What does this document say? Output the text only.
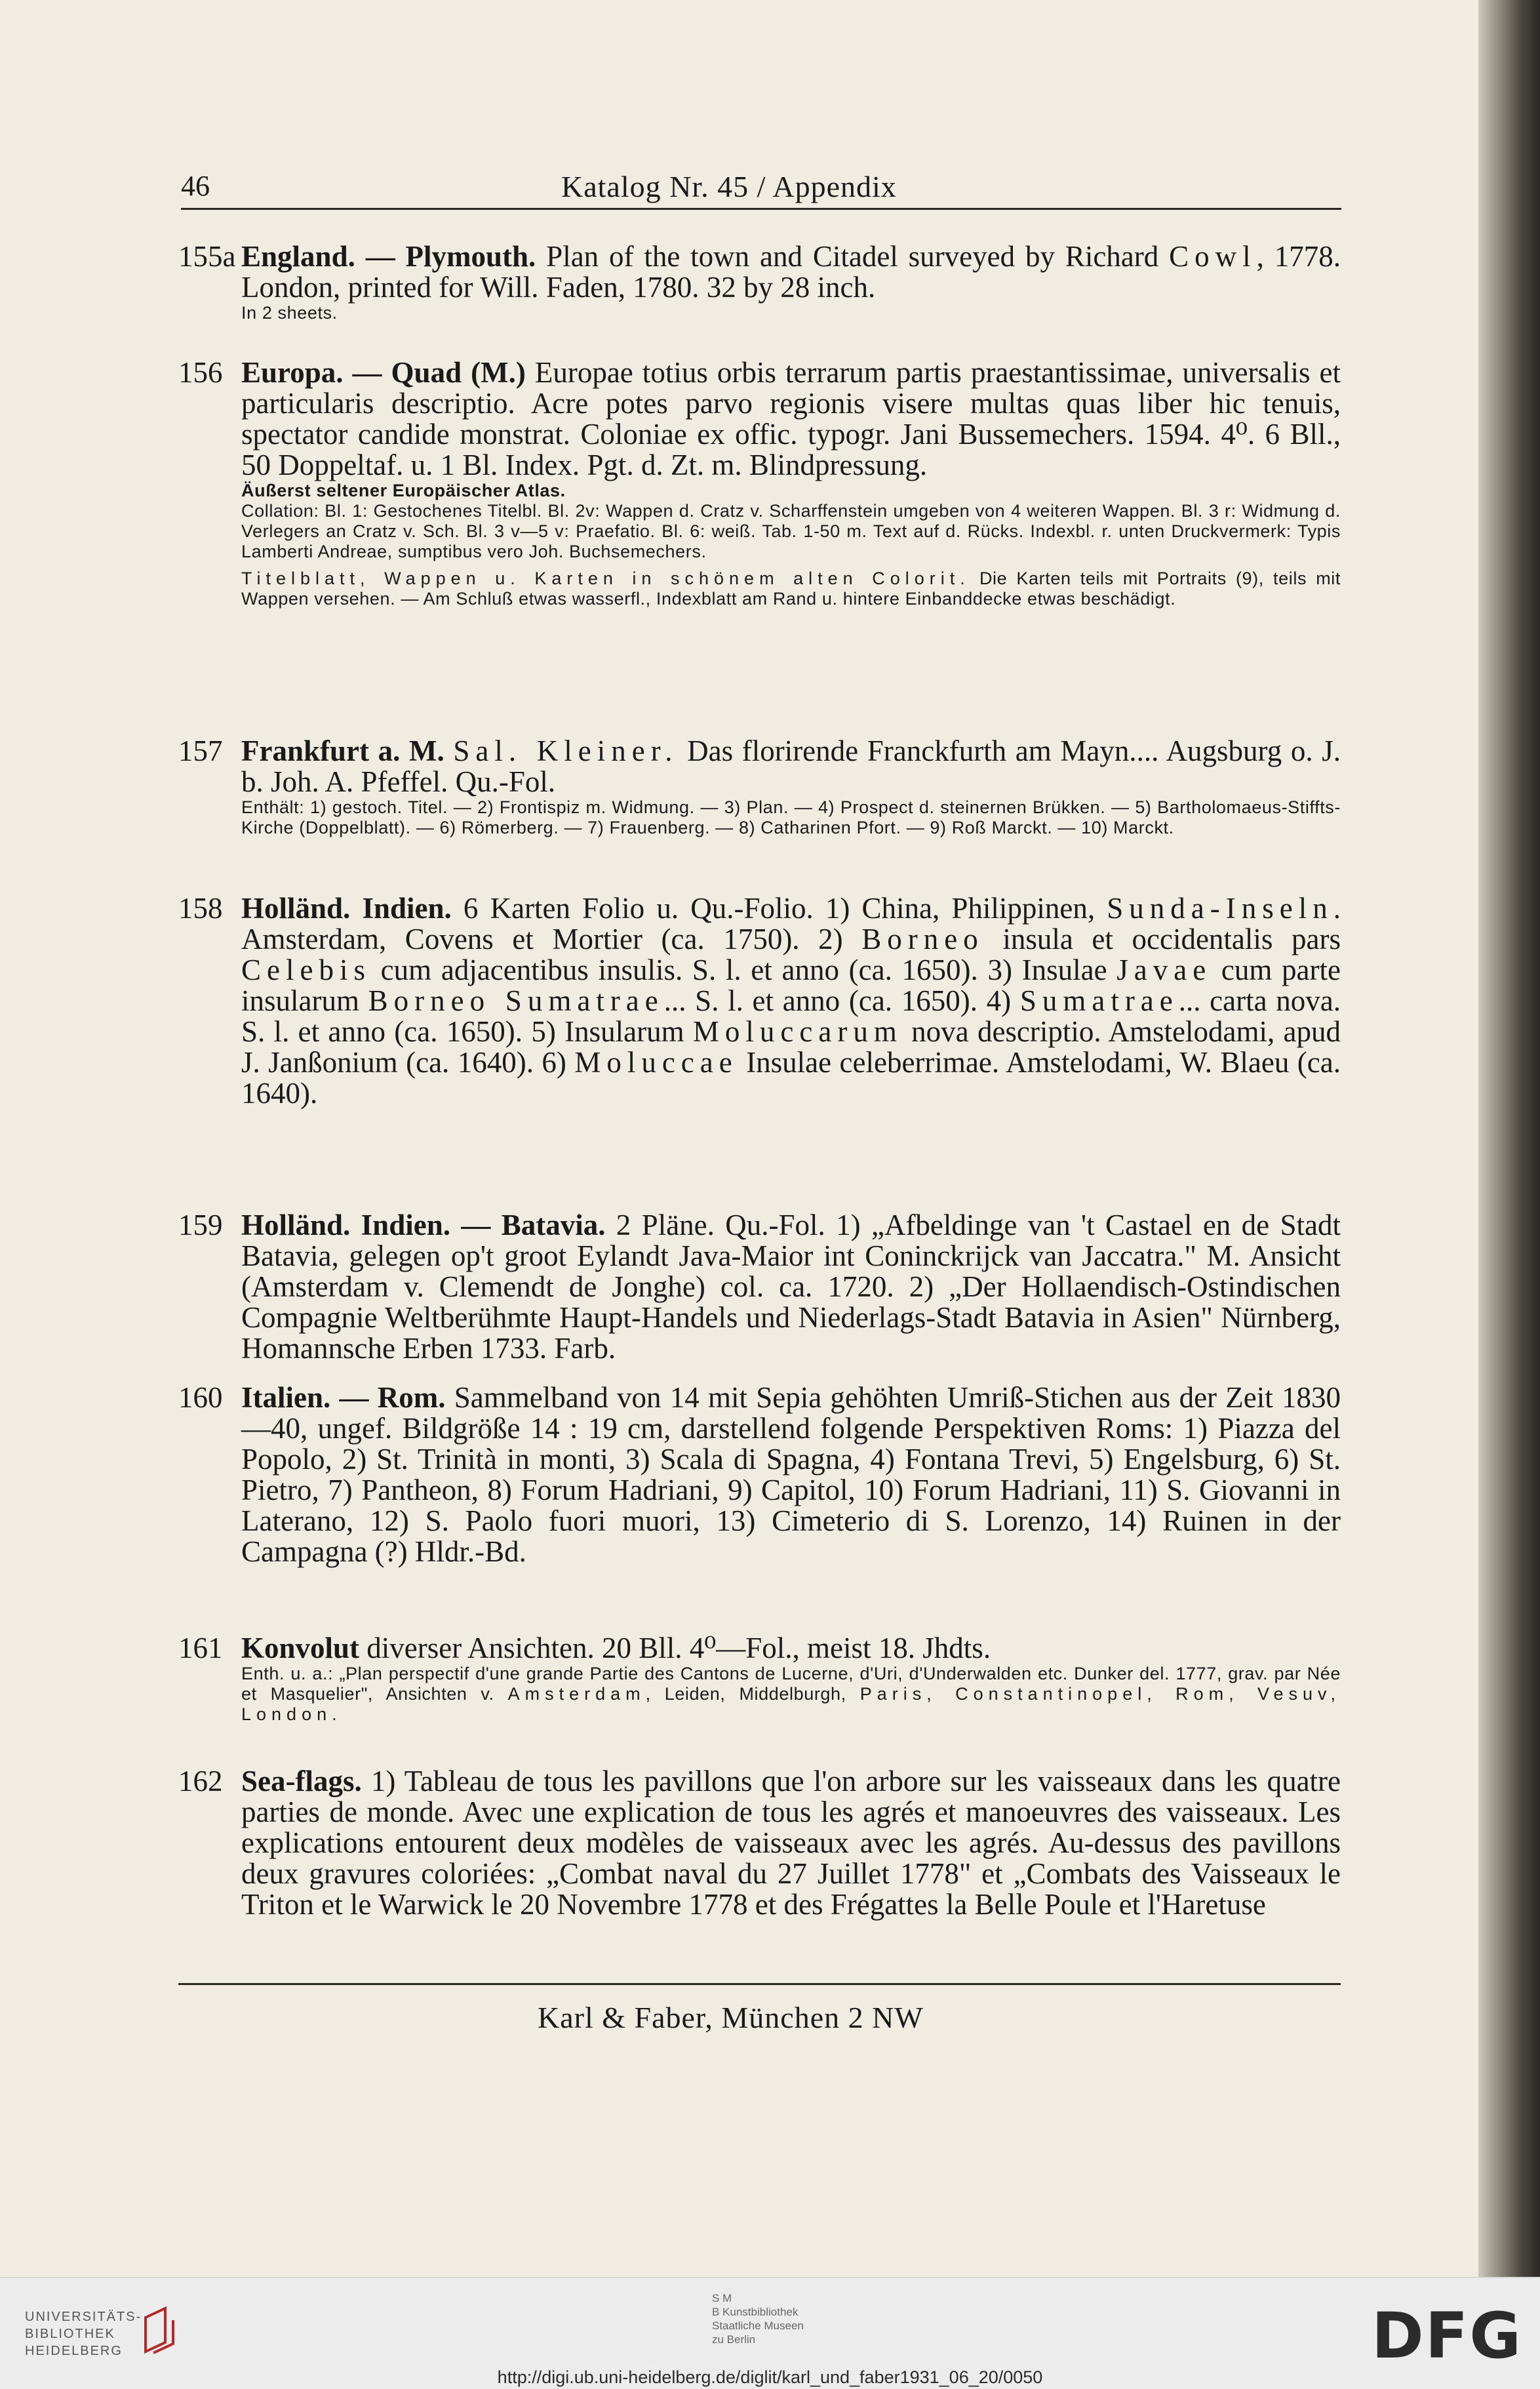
46	Katalog Nr. 45 / Appendix
155a England. — Plymouth. Plan of the town and Citadel surveyed by Richard Cowl, 1778. London, printed for Will. Faden, 1780. 32 by 28 inch.
In 2 sheets.
156 Europa. — Quad (M.) Europae totius orbis terrarum partis praestantissimae, universalis et particularis descriptio. Acre potes parvo regionis visere multas quas liber hic tenuis, spectator candide monstrat. Coloniae ex offic. typogr. Jani Bussemechers. 1594. 4⁰. 6 Bll., 50 Doppeltaf. u. 1 Bl. Index. Pgt. d. Zt. m. Blindpressung.
Äußerst seltener Europäischer Atlas.
Collation: Bl. 1: Gestochenes Titelbl. Bl. 2v: Wappen d. Cratz v. Scharffenstein umgeben von 4 weiteren Wappen. Bl. 3 r: Widmung d. Verlegers an Cratz v. Sch. Bl. 3 v—5 v: Praefatio. Bl. 6: weiß. Tab. 1-50 m. Text auf d. Rücks. Indexbl. r. unten Druckvermerk: Typis Lamberti Andreae, sumptibus vero Joh. Buchsemechers.
Titelblatt, Wappen u. Karten in schönem alten Colorit. Die Karten teils mit Portraits (9), teils mit Wappen versehen. — Am Schluß etwas wasserfl., Indexblatt am Rand u. hintere Einbanddecke etwas beschädigt.
157 Frankfurt a. M. Sal. Kleiner. Das florirende Franckfurth am Mayn.... Augsburg o. J. b. Joh. A. Pfeffel. Qu.-Fol.
Enthält: 1) gestoch. Titel. — 2) Frontispiz m. Widmung. — 3) Plan. — 4) Prospect d. steinernen Brükken. — 5) Bartholomaeus-Stiffts-Kirche (Doppelblatt). — 6) Römerberg. — 7) Frauenberg. — 8) Catharinen Pfort. — 9) Roß Marckt. — 10) Marckt.
158 Holländ. Indien. 6 Karten Folio u. Qu.-Folio. 1) China, Philippinen, Sunda-Inseln. Amsterdam, Covens et Mortier (ca. 1750). 2) Borneo insula et occidentalis pars Celebis cum adjacentibus insulis. S. l. et anno (ca. 1650). 3) Insulae Javae cum parte insularum Borneo Sumatrae... S. l. et anno (ca. 1650). 4) Sumatrae... carta nova. S. l. et anno (ca. 1650). 5) Insularum Moluccarum nova descriptio. Amstelodami, apud J. Janßonium (ca. 1640). 6) Moluccae Insulae celeberrimae. Amstelodami, W. Blaeu (ca. 1640).
159 Holländ. Indien. — Batavia. 2 Pläne. Qu.-Fol. 1) „Afbeldinge van 't Castael en de Stadt Batavia, gelegen op't groot Eylandt Java-Maior int Coninckrijck van Jaccatra." M. Ansicht (Amsterdam v. Clemendt de Jonghe) col. ca. 1720. 2) „Der Hollaendisch-Ostindischen Compagnie Weltberühmte Haupt-Handels und Niederlags-Stadt Batavia in Asien" Nürnberg, Homannsche Erben 1733. Farb.
160 Italien. — Rom. Sammelband von 14 mit Sepia gehöhten Umriß-Stichen aus der Zeit 1830—40, ungef. Bildgröße 14 : 19 cm, darstellend folgende Perspektiven Roms: 1) Piazza del Popolo, 2) St. Trinità in monti, 3) Scala di Spagna, 4) Fontana Trevi, 5) Engelsburg, 6) St. Pietro, 7) Pantheon, 8) Forum Hadriani, 9) Capitol, 10) Forum Hadriani, 11) S. Giovanni in Laterano, 12) S. Paolo fuori muori, 13) Cimeterio di S. Lorenzo, 14) Ruinen in der Campagna (?) Hldr.-Bd.
161 Konvolut diverser Ansichten. 20 Bll. 4⁰—Fol., meist 18. Jhdts.
Enth. u. a.: „Plan perspectif d'une grande Partie des Cantons de Lucerne, d'Uri, d'Underwalden etc. Dunker del. 1777, grav. par Née et Masquelier", Ansichten v. Amsterdam, Leiden, Middelburgh, Paris, Constantinopel, Rom, Vesuv, London.
162 Sea-flags. 1) Tableau de tous les pavillons que l'on arbore sur les vaisseaux dans les quatre parties de monde. Avec une explication de tous les agrés et manoeuvres des vaisseaux. Les explications entourent deux modèles de vaisseaux avec les agrés. Au-dessus des pavillons deux gravures coloriées: „Combat naval du 27 Juillet 1778" et „Combats des Vaisseaux le Triton et le Warwick le 20 Novembre 1778 et des Frégattes la Belle Poule et l'Haretuse
Karl & Faber, München 2 NW
UNIVERSITÄTS-
BIBLIOTHEK
HEIDELBERG
S M
B Kunstbibliothek
Staatliche Museen
zu Berlin	DFG
http://digi.ub.uni-heidelberg.de/diglit/karl_und_faber1931_06_20/0050
